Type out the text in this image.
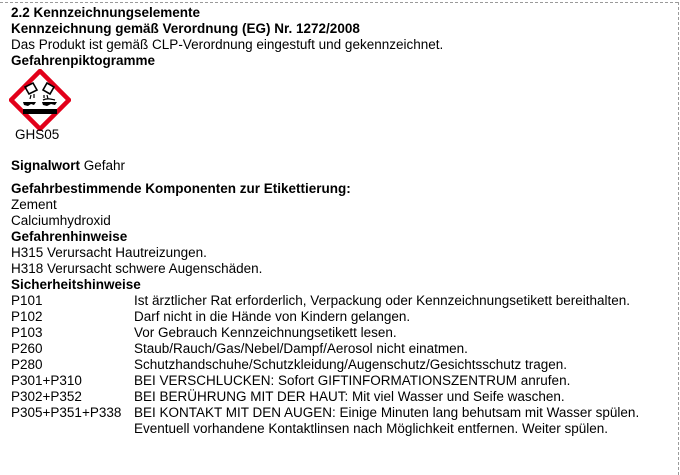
2.2 Kennzeichnungselemente
Kennzeichnung gemäß Verordnung (EG) Nr. 1272/2008
Das Produkt ist gemäß CLP-Verordnung eingestuft und gekennzeichnet.
Gefahrenpiktogramme
GHS05
Signalwort Gefahr
Gefahrbestimmende Komponenten zur Etikettierung:
Zement
Calciumhydroxid
Gefahrenhinweise
H315 Verursacht Hautreizungen.
H318 Verursacht schwere Augenschäden.
Sicherheitshinweise
P101	Ist ärztlicher Rat erforderlich, Verpackung oder Kennzeichnungsetikett bereithalten.
P102	Darf nicht in die Hände von Kindern gelangen.
P103	Vor Gebrauch Kennzeichnungsetikett lesen.
P260	Staub/Rauch/Gas/Nebel/Dampf/Aerosol nicht einatmen.
P280	Schutzhandschuhe/Schutzkleidung/Augenschutz/Gesichtsschutz tragen.
P301+P310	BEI VERSCHLUCKEN: Sofort GIFTINFORMATIONSZENTRUM anrufen.
P302+P352	BEI BERÜHRUNG MIT DER HAUT: Mit viel Wasser und Seife waschen.
P305+P351+P338 BEI KONTAKT MIT DEN AUGEN: Einige Minuten lang behutsam mit Wasser spülen. Eventuell vorhandene Kontaktlinsen nach Möglichkeit entfernen. Weiter spülen.
